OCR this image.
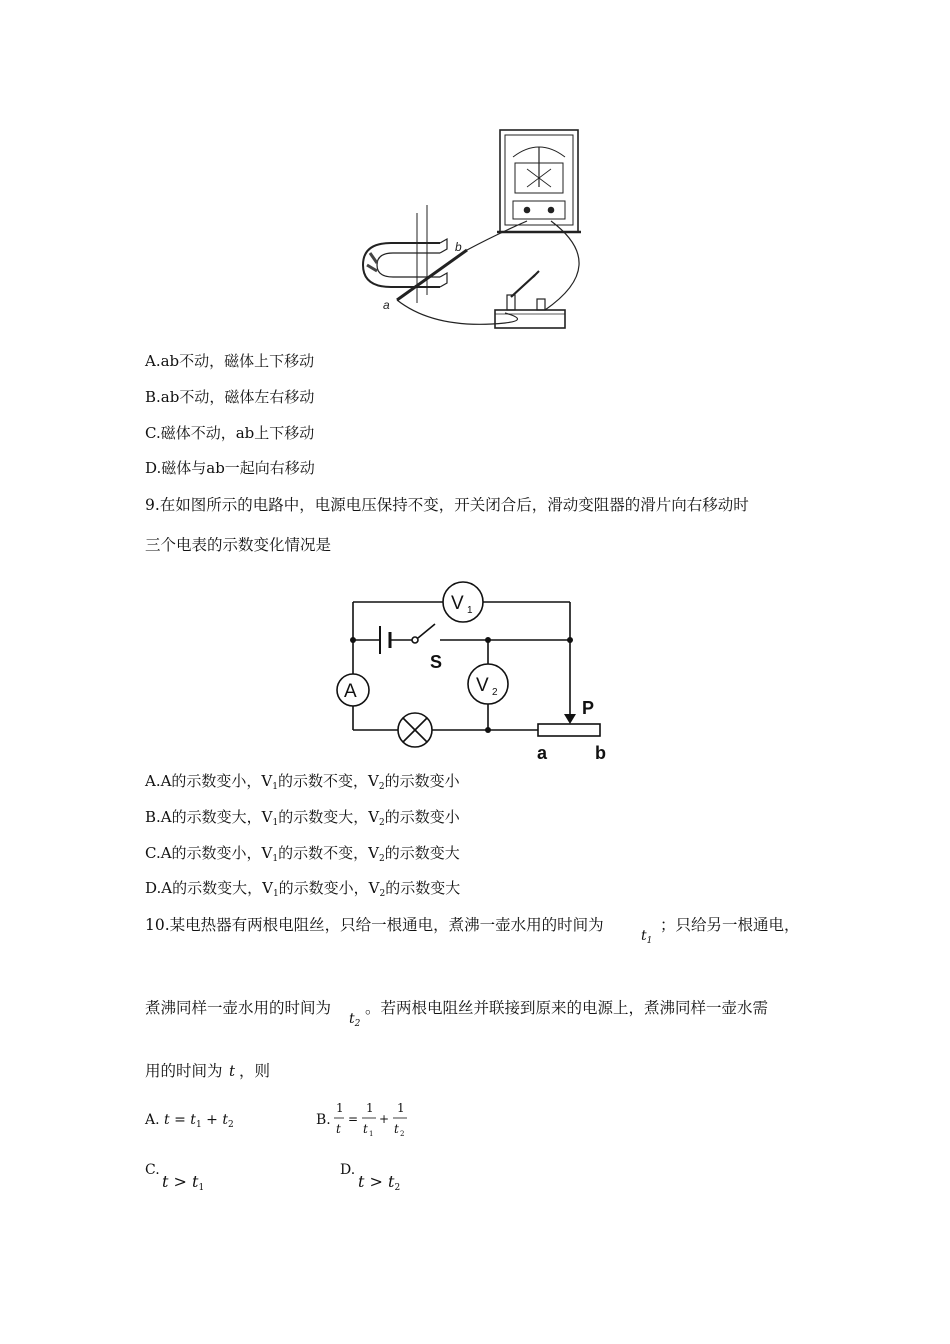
b
a
A.ab不动，磁体上下移动
B.ab不动，磁体左右移动
C.磁体不动，ab上下移动
D.磁体与ab一起向右移动
9.在如图所示的电路中，电源电压保持不变，开关闭合后，滑动变阻器的滑片向右移动时
三个电表的示数变化情况是
V 1
V 2
A
S
P
a	b
A.A的示数变小，$V_1$的示数不变，$V_2$的示数变小
B.A的示数变大，$V_1$的示数变大，$V_2$的示数变小
C.A的示数变小，$V_1$的示数不变，$V_2$的示数变大
D.A的示数变大，$V_1$的示数变小，$V_2$的示数变大
10.某电热器有两根电阻丝，只给一根通电，煮沸一壶水用的时间为
$t_1$
；只给另一根通电，
煮沸同样一壶水用的时间为
$t_2$
。若两根电阻丝并联接到原来的电源上，煮沸同样一壶水需
用的时间为 t ，则
A. $t = t_1 + t_2$	B.
1
t
=
1
t 1
+
1
t 2
C.
$t > t_1$
D.
$t > t_2$
